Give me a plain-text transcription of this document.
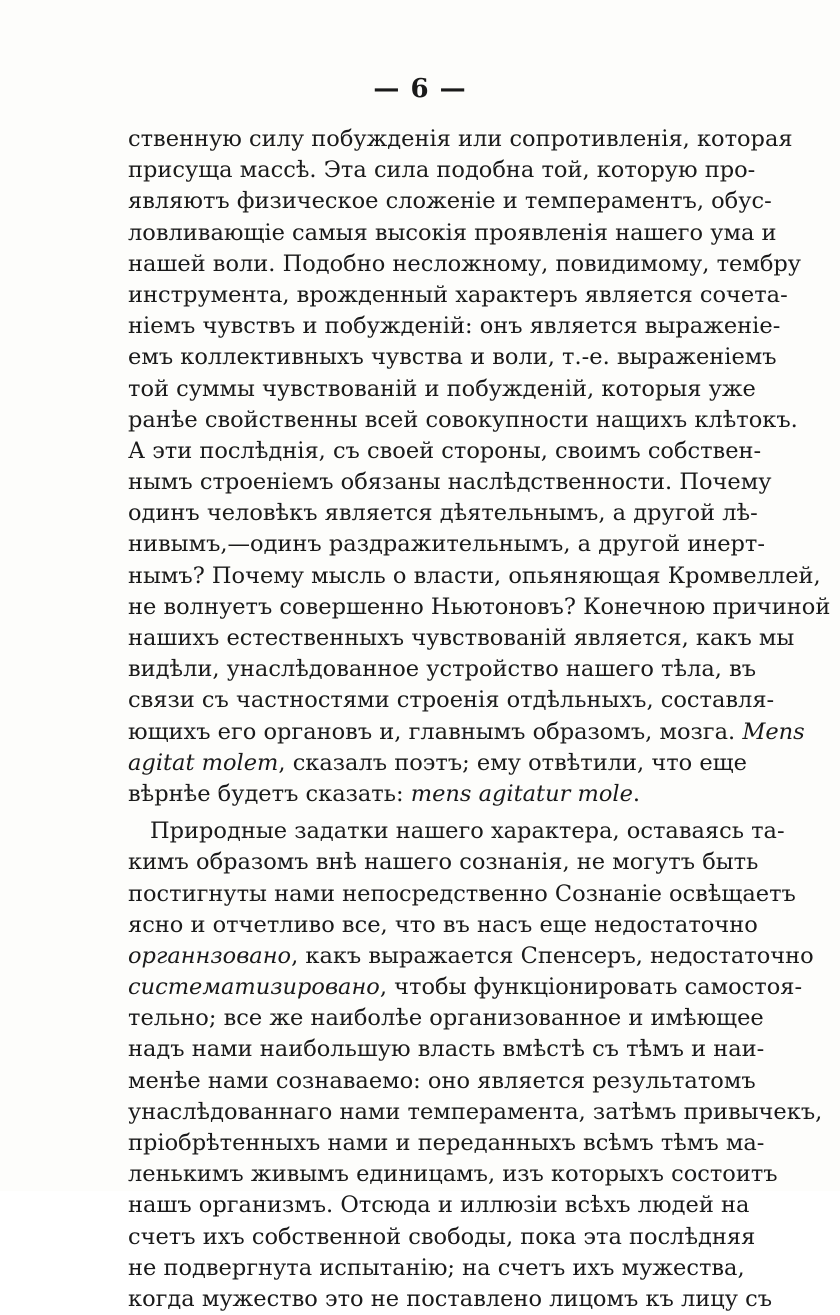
— 6 —
ственную силу побужденія или сопротивленія, которая
присуща массѣ. Эта сила подобна той, которую про-
являютъ физическое сложеніе и темпераментъ, обус-
ловливающіе самыя высокія проявленія нашего ума и
нашей воли. Подобно несложному, повидимому, тембру
инструмента, врожденный характеръ является сочета-
ніемъ чувствъ и побужденій: онъ является выраженіе-
емъ коллективныхъ чувства и воли, т.-е. выраженіемъ
той суммы чувствованій и побужденій, которыя уже
ранѣе свойственны всей совокупности нащихъ клѣтокъ.
А эти послѣднія, съ своей стороны, своимъ собствен-
нымъ строеніемъ обязаны наслѣдственности. Почему
одинъ человѣкъ является дѣятельнымъ, а другой лѣ-
нивымъ,—одинъ раздражительнымъ, а другой инерт-
нымъ? Почему мысль о власти, опьяняющая Кромвеллей,
не волнуетъ совершенно Ньютоновъ? Конечною причиной
нашихъ естественныхъ чувствованій является, какъ мы
видѣли, унаслѣдованное устройство нашего тѣла, въ
связи съ частностями строенія отдѣльныхъ, составля-
ющихъ его органовъ и, главнымъ образомъ, мозга. Mens
agitat molem, сказалъ поэтъ; ему отвѣтили, что еще
вѣрнѣе будетъ сказать: mens agitatur mole.
Природные задатки нашего характера, оставаясь та-
кимъ образомъ внѣ нашего сознанія, не могутъ быть
постигнуты нами непосредственно Сознаніе освѣщаетъ
ясно и отчетливо все, что въ насъ еще недостаточно
органнзовано, какъ выражается Спенсеръ, недостаточно
систематизировано, чтобы функціонировать самостоя-
тельно; все же наиболѣе организованное и имѣющее
надъ нами наибольшую власть вмѣстѣ съ тѣмъ и наи-
менѣе нами сознаваемо: оно является результатомъ
унаслѣдованнаго нами темперамента, затѣмъ привычекъ,
пріобрѣтенныхъ нами и переданныхъ всѣмъ тѣмъ ма-
ленькимъ живымъ единицамъ, изъ которыхъ состоитъ
нашъ организмъ. Отсюда и иллюзіи всѣхъ людей на
счетъ ихъ собственной свободы, пока эта послѣдняя
не подвергнута испытанію; на счетъ ихъ мужества,
когда мужество это не поставлено лицомъ къ лицу съ
